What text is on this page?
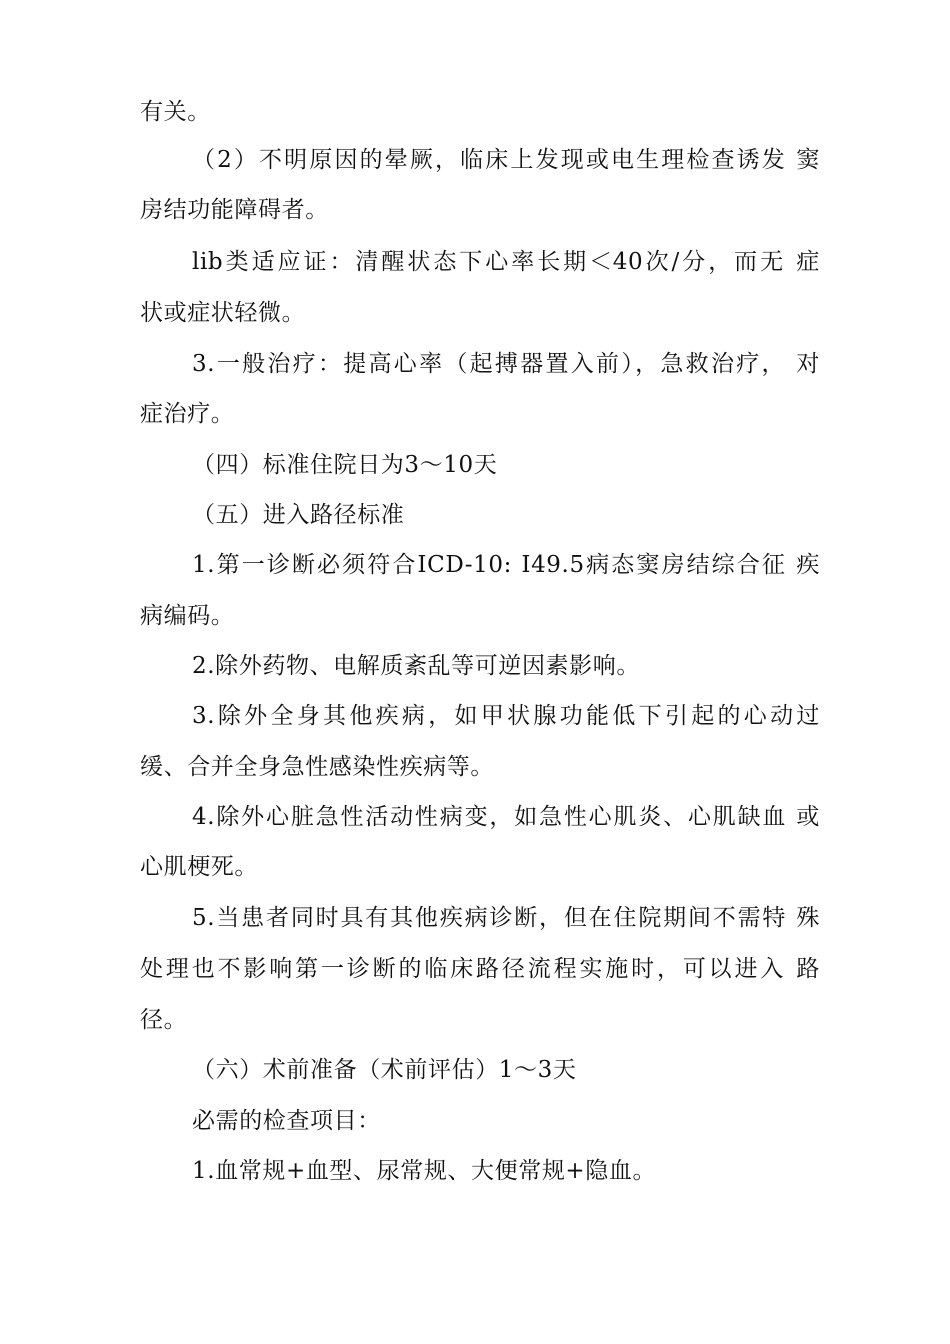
有关。
（2）不明原因的晕厥，临床上发现或电生理检查诱发 窦
房结功能障碍者。
lib类适应证：清醒状态下心率长期＜40次/分，而无 症
状或症状轻微。
3.一般治疗：提高心率（起搏器置入前），急救治疗， 对
症治疗。
（四）标准住院日为3〜10天
（五）进入路径标准
1.第一诊断必须符合ICD-10: I49.5病态窦房结综合征 疾
病编码。
2.除外药物、电解质紊乱等可逆因素影响。
3.除外全身其他疾病，如甲状腺功能低下引起的心动过
缓、合并全身急性感染性疾病等。
4.除外心脏急性活动性病变，如急性心肌炎、心肌缺血 或
心肌梗死。
5.当患者同时具有其他疾病诊断，但在住院期间不需特 殊
处理也不影响第一诊断的临床路径流程实施时，可以进入 路
径。
（六）术前准备（术前评估）1〜3天
必需的检查项目：
1.血常规+血型、尿常规、大便常规+隐血。
